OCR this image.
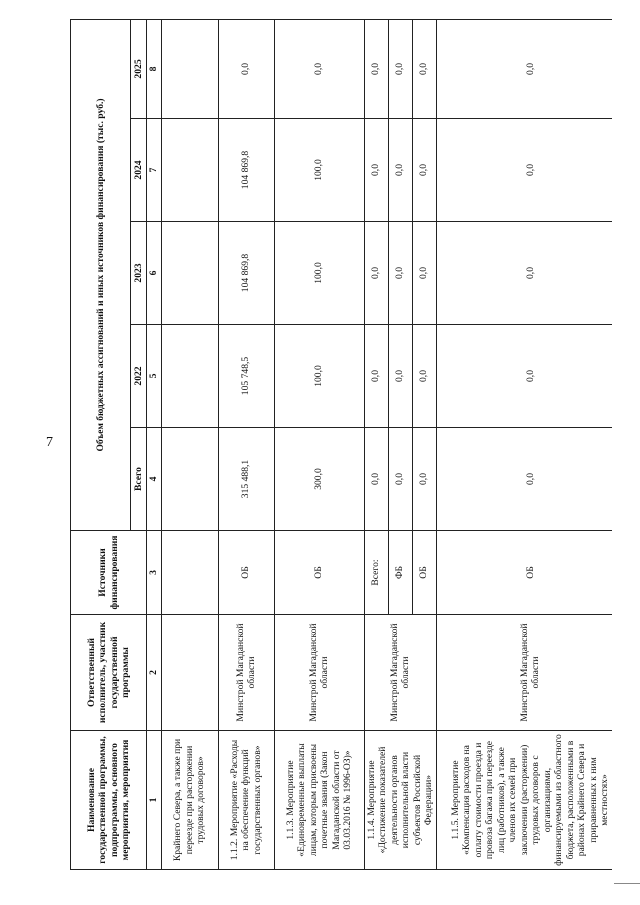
7
Наименование государственной программы, подпрограммы, основного мероприятия, мероприятия	Ответственный исполнитель, участник государственной программы	Источники финансирования	Объем бюджетных ассигнований и иных источников финансирования (тыс. руб.)				
			Всего	2022	2023	2024	2025
1	2	3	4	5	6	7	8
Крайнего Севера, а также при переезде при расторжении трудовых договоров»							
1.1.2. Мероприятие «Расходы на обеспечение функций государственных органов»	Минстрой Магаданской области	ОБ	315 488,1	105 748,5	104 869,8	104 869,8	0,0
1.1.3. Мероприятие «Единовременные выплаты лицам, которым присвоены почетные звания (Закон Магаданской области от 03.03.2016 № 1996-ОЗ)»	Минстрой Магаданской области	ОБ	300,0	100,0	100,0	100,0	0,0
1.1.4. Мероприятие «Достижение показателей деятельности органов исполнительной власти субъектов Российской Федерации»	Минстрой Магаданской области	Всего:	0,0	0,0	0,0	0,0	0,0
		ФБ	0,0	0,0	0,0	0,0	0,0
		ОБ	0,0	0,0	0,0	0,0	0,0
1.1.5. Мероприятие «Компенсация расходов на оплату стоимости проезда и провоза багажа при переезде лиц (работников), а также членов их семей при заключении (расторжении) трудовых договоров с организациями, финансируемыми из областного бюджета, расположенными в районах Крайнего Севера и приравненных к ним местностях»	Минстрой Магаданской области	ОБ	0,0	0,0	0,0	0,0	0,0
